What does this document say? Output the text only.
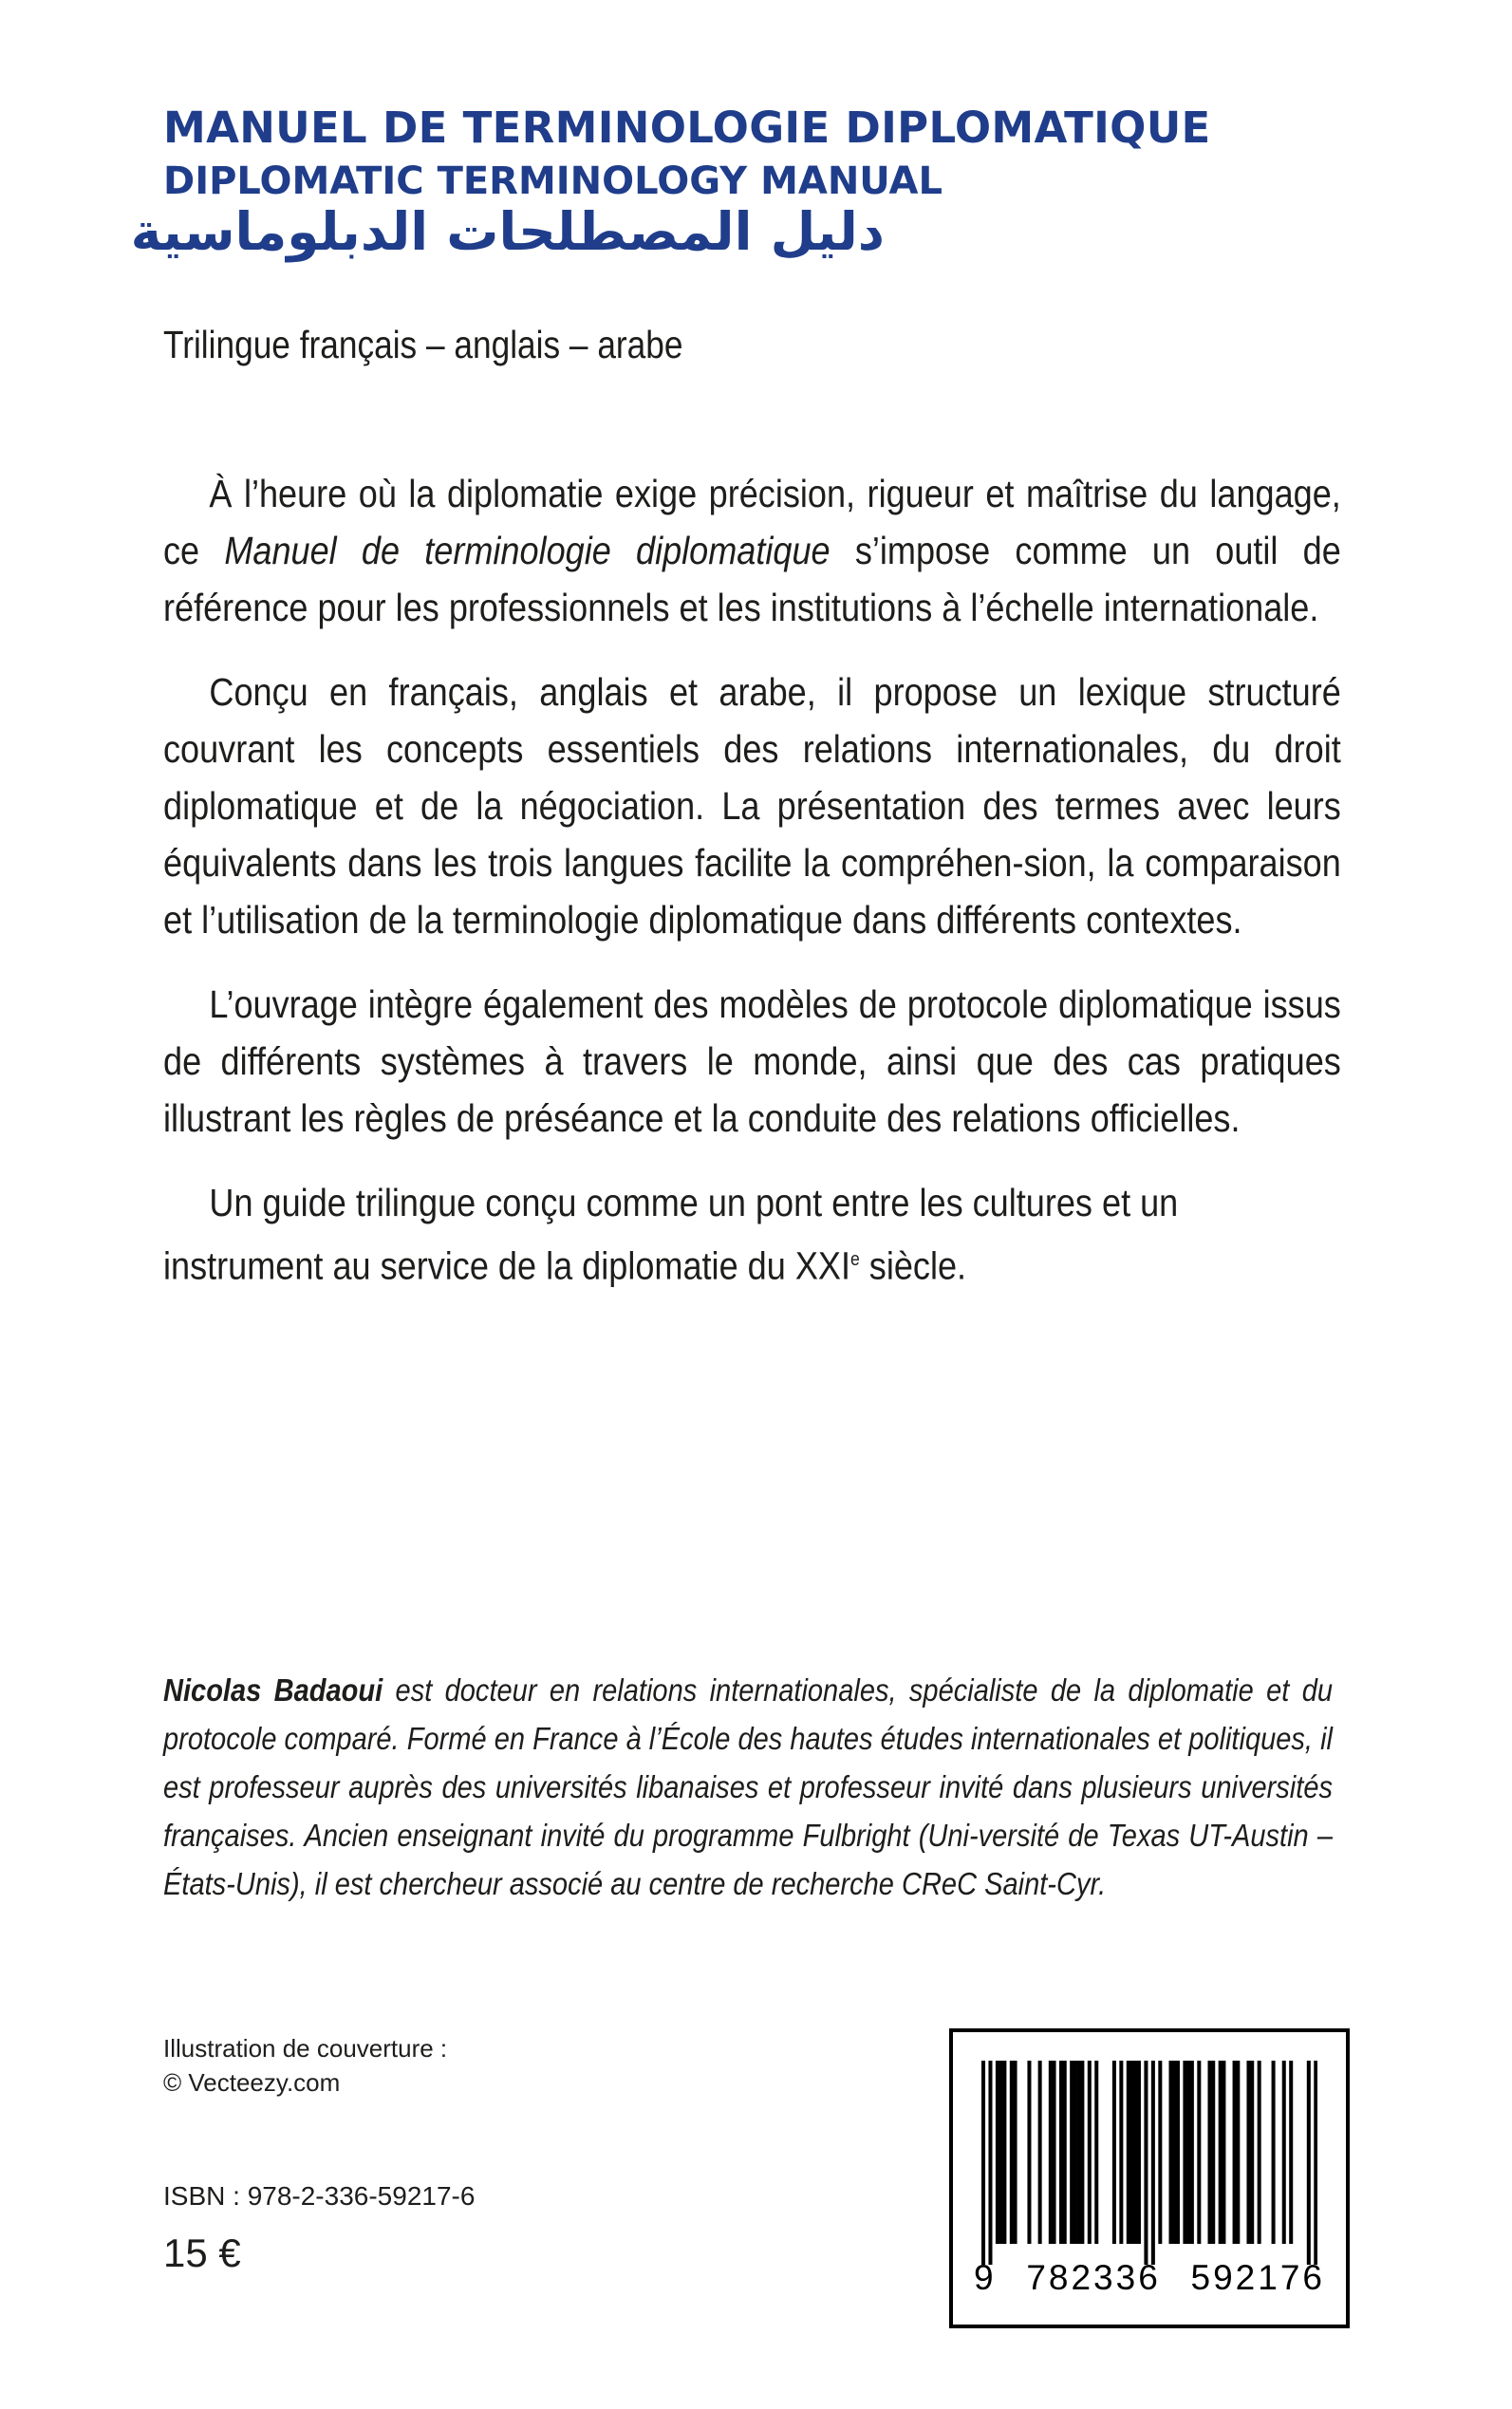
MANUEL DE TERMINOLOGIE DIPLOMATIQUE
DIPLOMATIC TERMINOLOGY MANUAL
دليل المصطلحات الدبلوماسية

Trilingue français – anglais – arabe

À l’heure où la diplomatie exige précision, rigueur et maîtrise du langage, ce Manuel de terminologie diplomatique s’impose comme un outil de référence pour les professionnels et les institutions à l’échelle internationale.

Conçu en français, anglais et arabe, il propose un lexique structuré couvrant les concepts essentiels des relations internationales, du droit diplomatique et de la négociation. La présentation des termes avec leurs équivalents dans les trois langues facilite la compréhen-sion, la comparaison et l’utilisation de la terminologie diplomatique dans différents contextes.

L’ouvrage intègre également des modèles de protocole diplomatique issus de différents systèmes à travers le monde, ainsi que des cas pratiques illustrant les règles de préséance et la conduite des relations officielles.

Un guide trilingue conçu comme un pont entre les cultures et un instrument au service de la diplomatie du XXIe siècle.

Nicolas Badaoui est docteur en relations internationales, spécialiste de la diplomatie et du protocole comparé. Formé en France à l’École des hautes études internationales et politiques, il est professeur auprès des universités libanaises et professeur invité dans plusieurs universités françaises. Ancien enseignant invité du programme Fulbright (Uni-versité de Texas UT-Austin – États-Unis), il est chercheur associé au centre de recherche CReC Saint-Cyr.

Illustration de couverture :
© Vecteezy.com

ISBN : 978-2-336-59217-6

15 €

9 782336 592176
